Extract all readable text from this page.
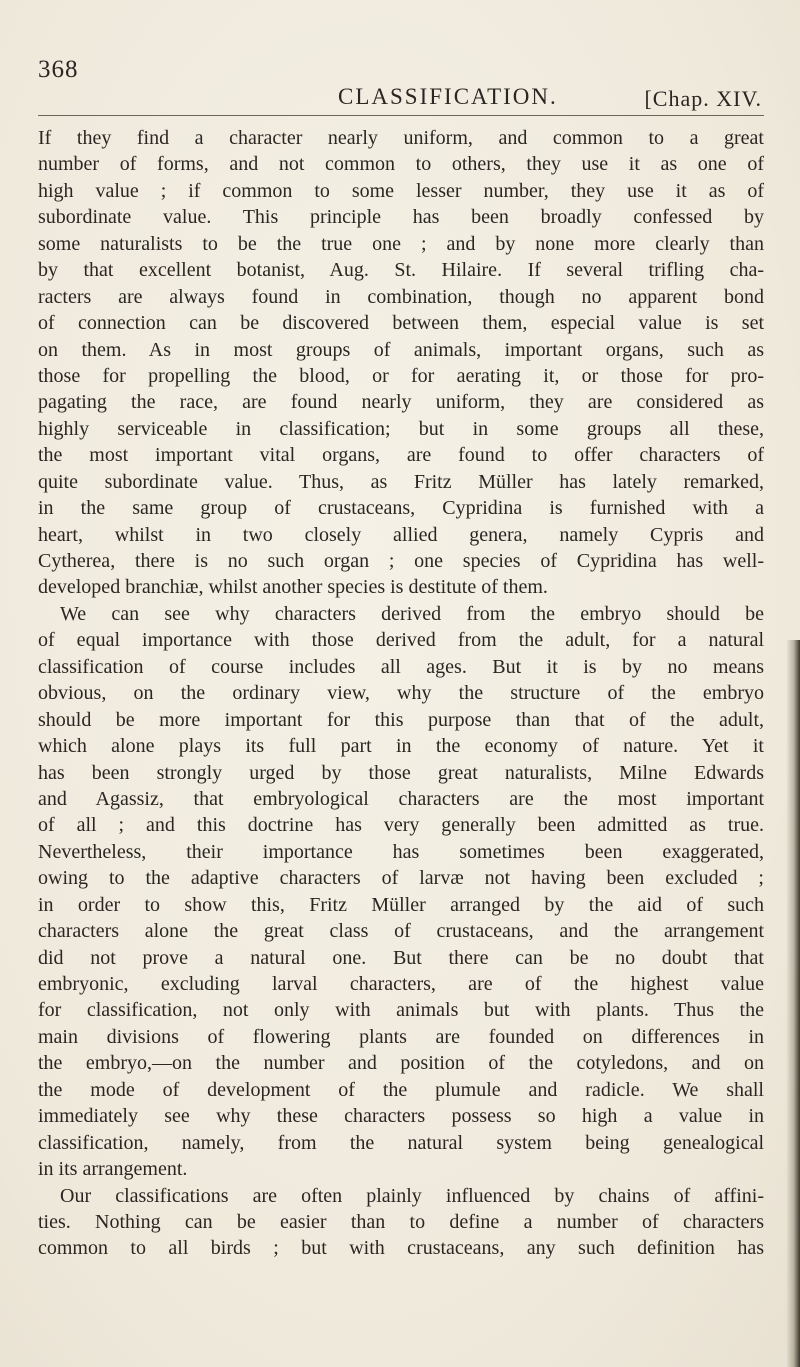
368
CLASSIFICATION.	[Chap. XIV.
If they find a character nearly uniform, and common to a great
number of forms, and not common to others, they use it as one of
high value ; if common to some lesser number, they use it as of
subordinate value. This principle has been broadly confessed by
some naturalists to be the true one ; and by none more clearly than
by that excellent botanist, Aug. St. Hilaire. If several trifling cha-
racters are always found in combination, though no apparent bond
of connection can be discovered between them, especial value is set
on them. As in most groups of animals, important organs, such as
those for propelling the blood, or for aerating it, or those for pro-
pagating the race, are found nearly uniform, they are considered as
highly serviceable in classification; but in some groups all these,
the most important vital organs, are found to offer characters of
quite subordinate value. Thus, as Fritz Müller has lately remarked,
in the same group of crustaceans, Cypridina is furnished with a
heart, whilst in two closely allied genera, namely Cypris and
Cytherea, there is no such organ ; one species of Cypridina has well-
developed branchiæ, whilst another species is destitute of them.
We can see why characters derived from the embryo should be
of equal importance with those derived from the adult, for a natural
classification of course includes all ages. But it is by no means
obvious, on the ordinary view, why the structure of the embryo
should be more important for this purpose than that of the adult,
which alone plays its full part in the economy of nature. Yet it
has been strongly urged by those great naturalists, Milne Edwards
and Agassiz, that embryological characters are the most important
of all ; and this doctrine has very generally been admitted as true.
Nevertheless, their importance has sometimes been exaggerated,
owing to the adaptive characters of larvæ not having been excluded ;
in order to show this, Fritz Müller arranged by the aid of such
characters alone the great class of crustaceans, and the arrangement
did not prove a natural one. But there can be no doubt that
embryonic, excluding larval characters, are of the highest value
for classification, not only with animals but with plants. Thus the
main divisions of flowering plants are founded on differences in
the embryo,—on the number and position of the cotyledons, and on
the mode of development of the plumule and radicle. We shall
immediately see why these characters possess so high a value in
classification, namely, from the natural system being genealogical
in its arrangement.
Our classifications are often plainly influenced by chains of affini-
ties. Nothing can be easier than to define a number of characters
common to all birds ; but with crustaceans, any such definition has
